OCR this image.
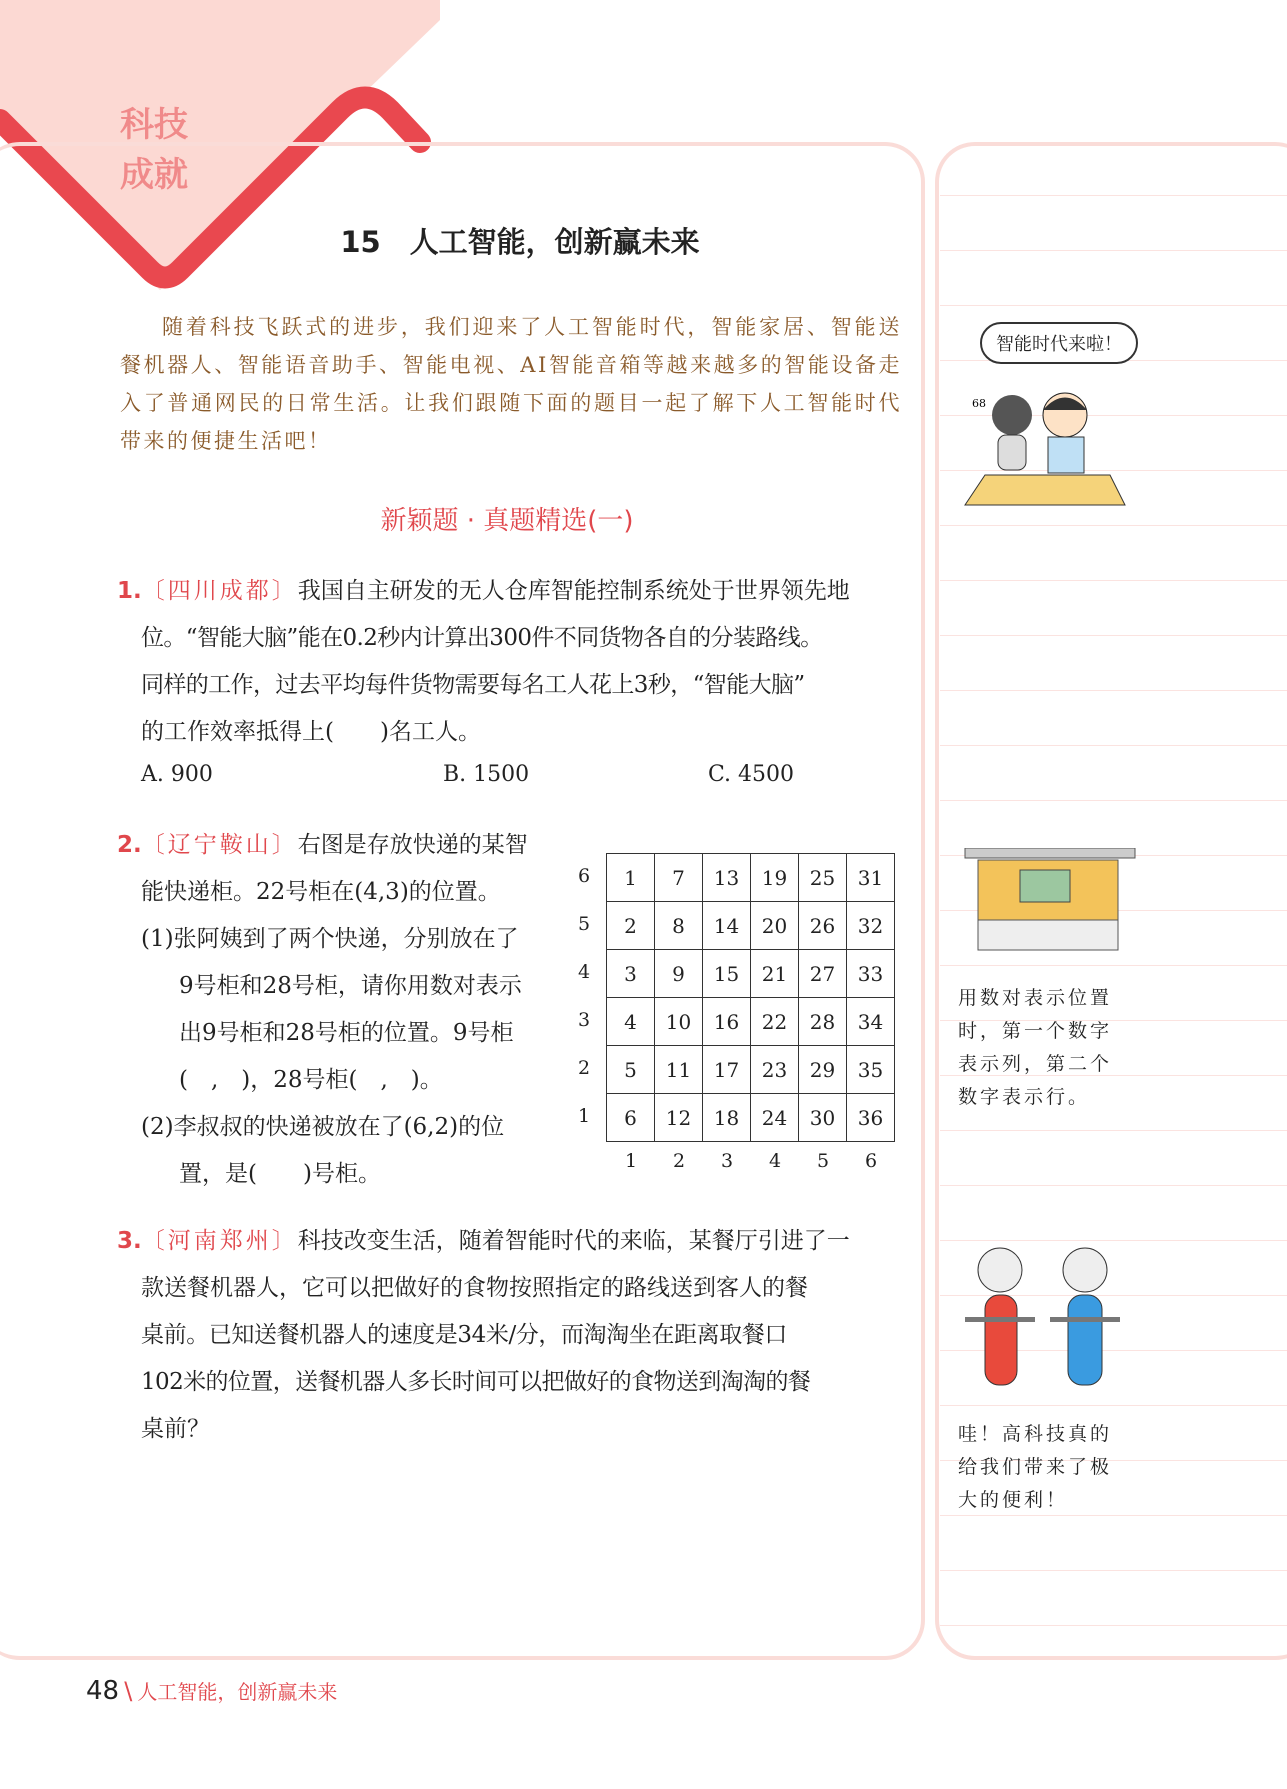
科技
成就
15　人工智能，创新赢未来
随着科技飞跃式的进步，我们迎来了人工智能时代，智能家居、智能送餐机器人、智能语音助手、智能电视、AI智能音箱等越来越多的智能设备走入了普通网民的日常生活。让我们跟随下面的题目一起了解下人工智能时代带来的便捷生活吧！
新颖题 · 真题精选(一)
1.〔四川成都〕我国自主研发的无人仓库智能控制系统处于世界领先地
位。“智能大脑”能在0.2秒内计算出300件不同货物各自的分装路线。
同样的工作，过去平均每件货物需要每名工人花上3秒，“智能大脑”
的工作效率抵得上(　　)名工人。
A. 900	B. 1500	C. 4500
2.〔辽宁鞍山〕右图是存放快递的某智
能快递柜。22号柜在(4,3)的位置。
(1)张阿姨到了两个快递，分别放在了
9号柜和28号柜，请你用数对表示
出9号柜和28号柜的位置。9号柜
(　,　)，28号柜(　,　)。
(2)李叔叔的快递被放在了(6,2)的位
置，是(　　)号柜。
1	7	13	19	25	31
2	8	14	20	26	32
3	9	15	21	27	33
4	10	16	22	28	34
5	11	17	23	29	35
6	12	18	24	30	36
6
5
4
3
2
1
1	2	3	4	5	6
3.〔河南郑州〕科技改变生活，随着智能时代的来临，某餐厅引进了一
款送餐机器人，它可以把做好的食物按照指定的路线送到客人的餐
桌前。已知送餐机器人的速度是34米/分，而淘淘坐在距离取餐口
102米的位置，送餐机器人多长时间可以把做好的食物送到淘淘的餐
桌前？
智能时代来啦！
68
用数对表示位置时，第一个数字表示列，第二个数字表示行。
哇！高科技真的给我们带来了极大的便利！
48 \ 人工智能，创新赢未来
